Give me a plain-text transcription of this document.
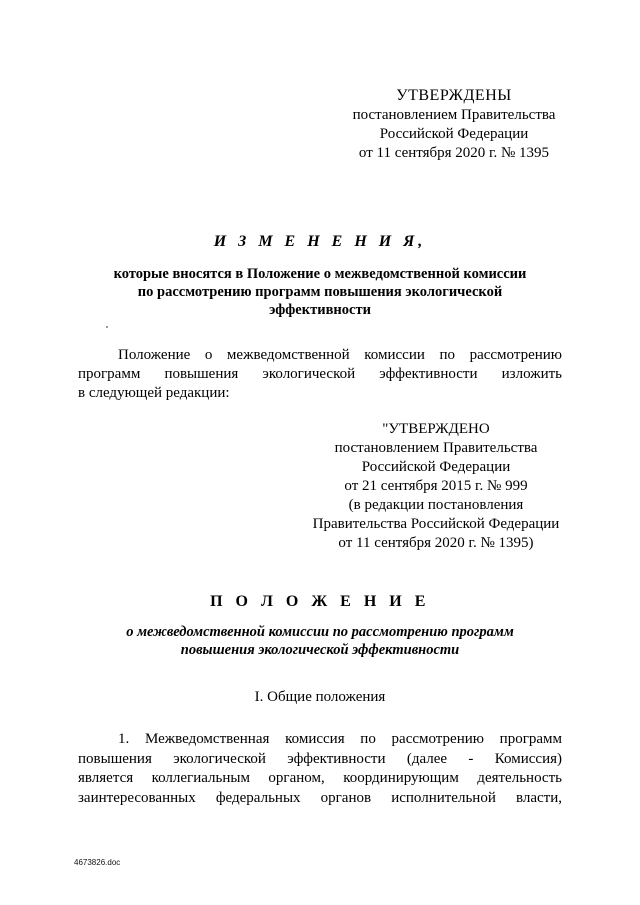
УТВЕРЖДЕНЫ
постановлением Правительства
Российской Федерации
от 11 сентября 2020 г. № 1395
И З М Е Н Е Н И Я,
которые вносятся в Положение о межведомственной комиссии
по рассмотрению программ повышения экологической
эффективности
Положение о межведомственной комиссии по рассмотрению
программ повышения экологической эффективности изложить
в следующей редакции:
"УТВЕРЖДЕНО
постановлением Правительства
Российской Федерации
от 21 сентября 2015 г. № 999
(в редакции постановления
Правительства Российской Федерации
от 11 сентября 2020 г. № 1395)
П О Л О Ж Е Н И Е
о межведомственной комиссии по рассмотрению программ
повышения экологической эффективности
I. Общие положения
1. Межведомственная комиссия по рассмотрению программ
повышения экологической эффективности (далее - Комиссия)
является коллегиальным органом, координирующим деятельность
заинтересованных федеральных органов исполнительной власти,
4673826.doc
